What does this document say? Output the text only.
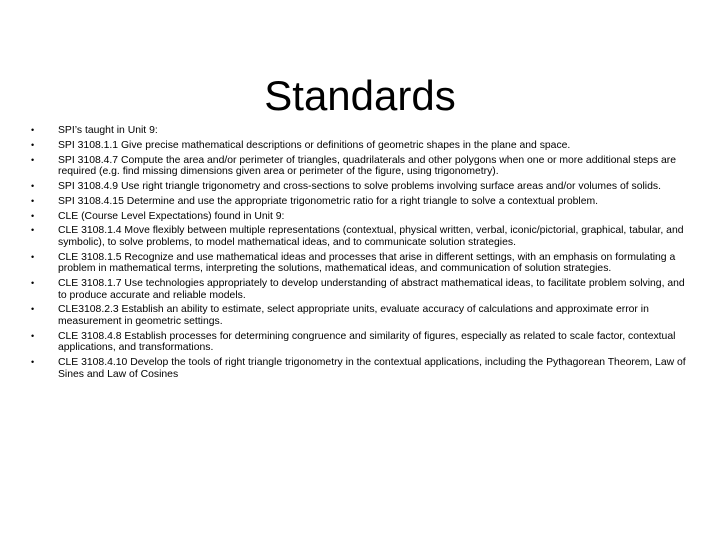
Standards
• SPI’s taught in Unit 9:
• SPI 3108.1.1 Give precise mathematical descriptions or definitions of geometric shapes in the plane and space.
• SPI 3108.4.7 Compute the area and/or perimeter of triangles, quadrilaterals and other polygons when one or more additional steps are required (e.g. find missing dimensions given area or perimeter of the figure, using trigonometry).
• SPI 3108.4.9 Use right triangle trigonometry and cross-sections to solve problems involving surface areas and/or volumes of solids.
• SPI 3108.4.15 Determine and use the appropriate trigonometric ratio for a right triangle to solve a contextual problem.
• CLE (Course Level Expectations) found in Unit 9:
• CLE 3108.1.4 Move flexibly between multiple representations (contextual, physical written, verbal, iconic/pictorial, graphical, tabular, and symbolic), to solve problems, to model mathematical ideas, and to communicate solution strategies.
• CLE 3108.1.5 Recognize and use mathematical ideas and processes that arise in different settings, with an emphasis on formulating a problem in mathematical terms, interpreting the solutions, mathematical ideas, and communication of solution strategies.
• CLE 3108.1.7 Use technologies appropriately to develop understanding of abstract mathematical ideas, to facilitate problem solving, and to produce accurate and reliable models.
• CLE3108.2.3 Establish an ability to estimate, select appropriate units, evaluate accuracy of calculations and approximate error in measurement in geometric settings.
• CLE 3108.4.8 Establish processes for determining congruence and similarity of figures, especially as related to scale factor, contextual applications, and transformations.
• CLE 3108.4.10 Develop the tools of right triangle trigonometry in the contextual applications, including the Pythagorean Theorem, Law of Sines and Law of Cosines
